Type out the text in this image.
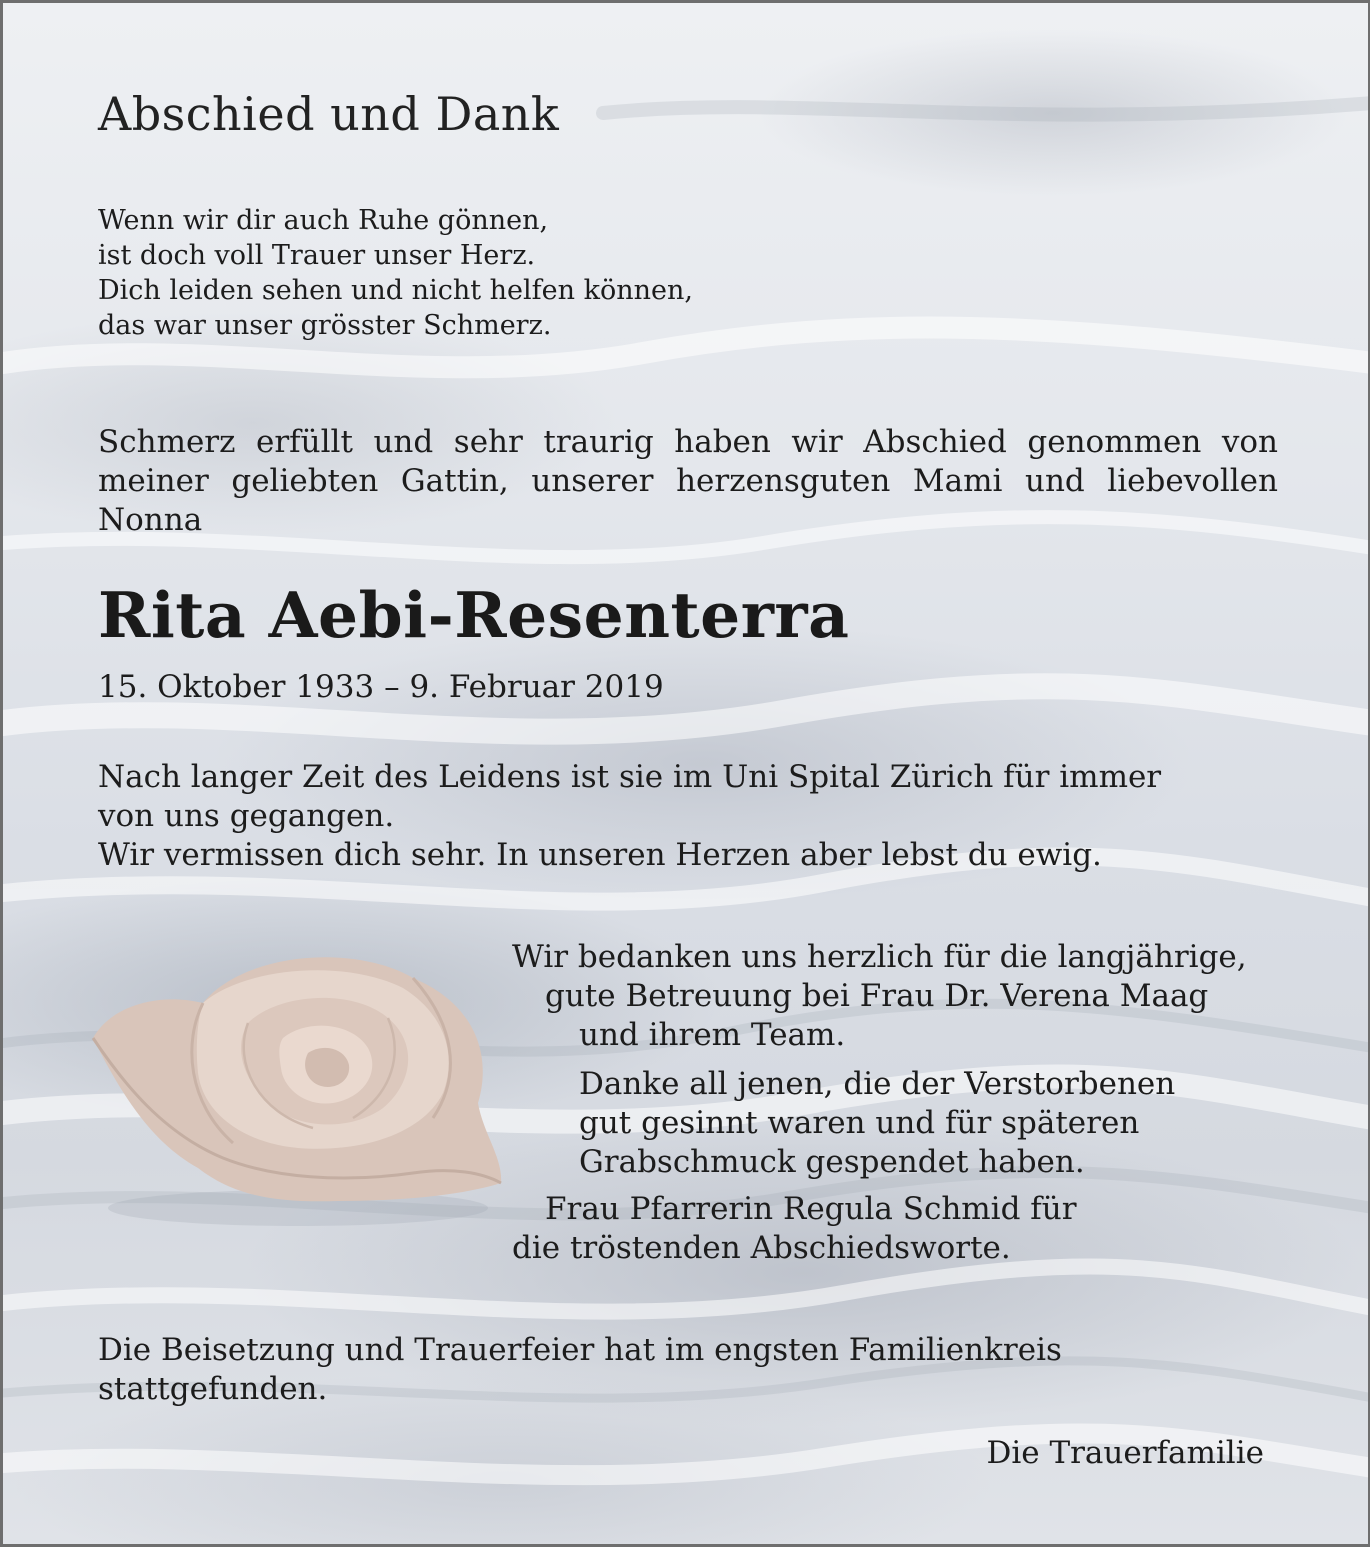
Abschied und Dank
Wenn wir dir auch Ruhe gönnen,
ist doch voll Trauer unser Herz.
Dich leiden sehen und nicht helfen können,
das war unser grösster Schmerz.

Schmerz erfüllt und sehr traurig haben wir Abschied genommen von meiner geliebten Gattin, unserer herzensguten Mami und liebevollen Nonna

Rita Aebi-Resenterra
15. Oktober 1933 – 9. Februar 2019
Nach langer Zeit des Leidens ist sie im Uni Spital Zürich für immer
von uns gegangen.
Wir vermissen dich sehr. In unseren Herzen aber lebst du ewig.
Wir bedanken uns herzlich für die langjährige,
gute Betreuung bei Frau Dr. Verena Maag
und ihrem Team.
Danke all jenen, die der Verstorbenen
gut gesinnt waren und für späteren
Grabschmuck gespendet haben.
Frau Pfarrerin Regula Schmid für
die tröstenden Abschiedsworte.
Die Beisetzung und Trauerfeier hat im engsten Familienkreis
stattgefunden.
Die Trauerfamilie
